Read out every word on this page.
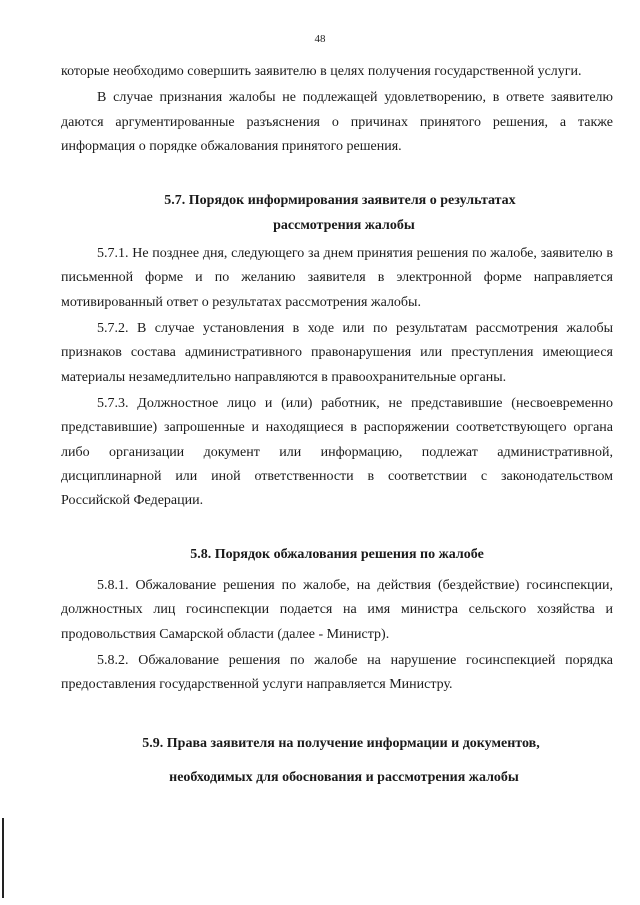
48

которые необходимо совершить заявителю в целях получения государственной услуги.

В случае признания жалобы не подлежащей удовлетворению, в ответе заявителю даются аргументированные разъяснения о причинах принятого решения, а также информация о порядке обжалования принятого решения.

5.7. Порядок информирования заявителя о результатах
рассмотрения жалобы

5.7.1. Не позднее дня, следующего за днем принятия решения по жалобе, заявителю в письменной форме и по желанию заявителя в электронной форме направляется мотивированный ответ о результатах рассмотрения жалобы.

5.7.2. В случае установления в ходе или по результатам рассмотрения жалобы признаков состава административного правонарушения или преступления имеющиеся материалы незамедлительно направляются в правоохранительные органы.

5.7.3. Должностное лицо и (или) работник, не представившие (несвоевременно представившие) запрошенные и находящиеся в распоряжении соответствующего органа либо организации документ или информацию, подлежат административной, дисциплинарной или иной ответственности в соответствии с законодательством Российской Федерации.

5.8. Порядок обжалования решения по жалобе

5.8.1. Обжалование решения по жалобе, на действия (бездействие) госинспекции, должностных лиц госинспекции подается на имя министра сельского хозяйства и продовольствия Самарской области (далее - Министр).

5.8.2. Обжалование решения по жалобе на нарушение госинспекцией порядка предоставления государственной услуги направляется Министру.

5.9. Права заявителя на получение информации и документов,
необходимых для обоснования и рассмотрения жалобы
